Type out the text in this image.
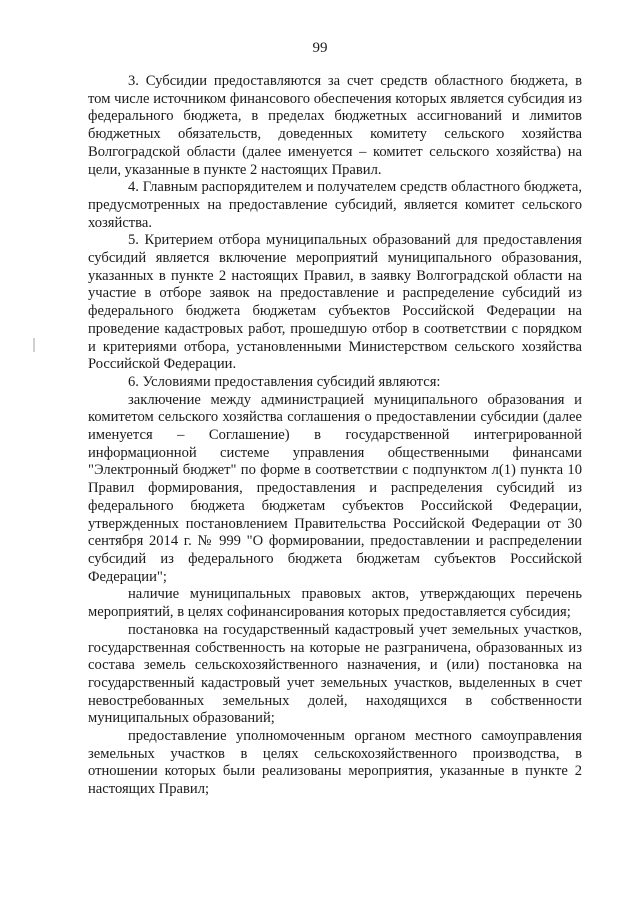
99

3. Субсидии предоставляются за счет средств областного бюджета, в том числе источником финансового обеспечения которых является субсидия из федерального бюджета, в пределах бюджетных ассигнований и лимитов бюджетных обязательств, доведенных комитету сельского хозяйства Волгоградской области (далее именуется – комитет сельского хозяйства) на цели, указанные в пункте 2 настоящих Правил.

4. Главным распорядителем и получателем средств областного бюджета, предусмотренных на предоставление субсидий, является комитет сельского хозяйства.

5. Критерием отбора муниципальных образований для предоставления субсидий является включение мероприятий муниципального образования, указанных в пункте 2 настоящих Правил, в заявку Волгоградской области на участие в отборе заявок на предоставление и распределение субсидий из федерального бюджета бюджетам субъектов Российской Федерации на проведение кадастровых работ, прошедшую отбор в соответствии с порядком и критериями отбора, установленными Министерством сельского хозяйства Российской Федерации.

6. Условиями предоставления субсидий являются:

заключение между администрацией муниципального образования и комитетом сельского хозяйства соглашения о предоставлении субсидии (далее именуется – Соглашение) в государственной интегрированной информационной системе управления общественными финансами "Электронный бюджет" по форме в соответствии с подпунктом л(1) пункта 10 Правил формирования, предоставления и распределения субсидий из федерального бюджета бюджетам субъектов Российской Федерации, утвержденных постановлением Правительства Российской Федерации от 30 сентября 2014 г. № 999 "О формировании, предоставлении и распределении субсидий из федерального бюджета бюджетам субъектов Российской Федерации";

наличие муниципальных правовых актов, утверждающих перечень мероприятий, в целях софинансирования которых предоставляется субсидия;

постановка на государственный кадастровый учет земельных участков, государственная собственность на которые не разграничена, образованных из состава земель сельскохозяйственного назначения, и (или) постановка на государственный кадастровый учет земельных участков, выделенных в счет невостребованных земельных долей, находящихся в собственности муниципальных образований;

предоставление уполномоченным органом местного самоуправления земельных участков в целях сельскохозяйственного производства, в отношении которых были реализованы мероприятия, указанные в пункте 2 настоящих Правил;
